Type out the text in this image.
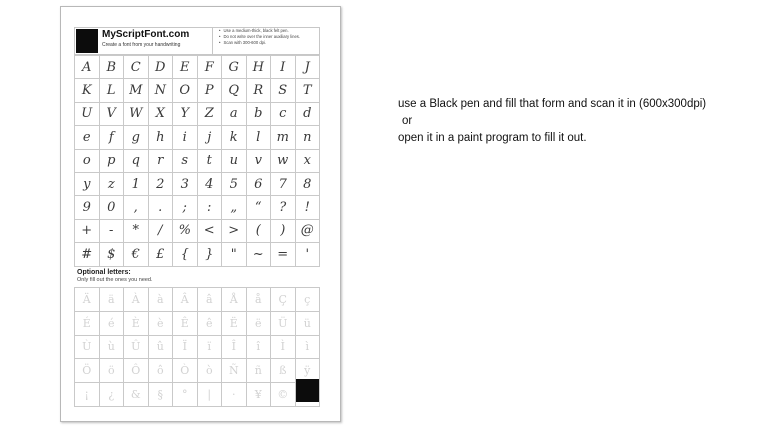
MyScriptFont.com
Create a font from your handwriting
• Use a medium-thick, black felt pen.
• Do not write over the inner auxiliary lines.
• Scan with 300-600 dpi.
A	B	C	D	E	F	G	H	I	J
K	L	M N	O	P	Q	R	S	T
U	V	W	X	Y	Z	a	b	c	d
e	f	g	h	i	j	k	l	m	n
o	p	q	r	s	t	u	v	w	x
y	z	1	2	3	4	5	6	7	8
9	0	,	.	;	:	„	“	?	!
+	-	*	/	% <	>	(	)	@
#	$	€	£	{	}	"	~	=	'
Optional letters:
Only fill out the ones you need.
Ä	ä	À	à	Â	â	Å	å	Ç	ç
É	é	È	è	Ê	ê	Ë	ë	Ü	ü
Ù	ù	Û	û	Ï	ï	Î	î	Ì	ì
Ö	ö	Ô	ô	Ò	ò	Ñ	ñ	ß	ÿ
¡	¿	&	§	°	|	·	¥	©

use a Black pen and fill that form and scan it in (600x300dpi)

or

open it in a paint program to fill it out.
